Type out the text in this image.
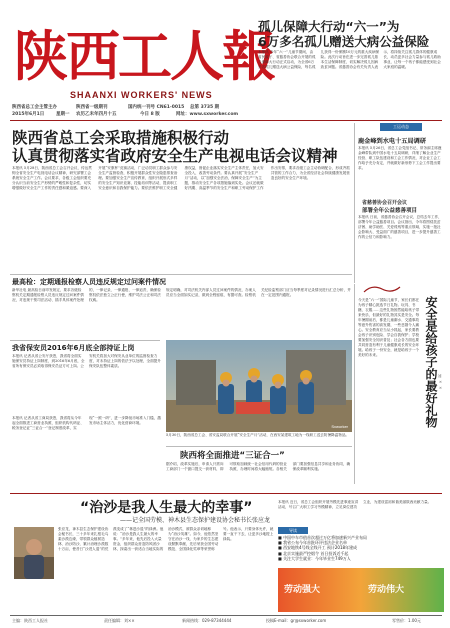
陕西工人報
SHAANXI WORKERS' NEWS
陕西省总工会主管主办	陕西省一级期刊	国内统一刊号 CN61-0015 总第 3735 期
2015年6月1日	星期一 农历乙未年四月十五	今日 8 版	网址：www.sxworker.com
孤儿保障大行动“六一”为
6万多名孤儿赠送大病公益保险
本报讯 今年“六一”儿童节期间，由省民政厅、省慈善协会联合开展的孤儿保障大行动正式启动，为全省6万多名孤儿赠送大病公益保险，每名孤儿获得一份保额10万元的重大疾病保险。此次行动旨在进一步完善孤儿基本生活保障制度，切实解决孤儿因病致贫问题。省慈善协会有关负责人表示，将持续关注孤儿群体的健康成长，动员更多社会力量参与孤儿救助事业，让每一个孩子都能感受到社会大家庭的温暖。
陕西省总工会采取措施积极行动
认真贯彻落实省政府安全生产电视电话会议精神
本报讯 5月28日，陕西省总工会召开会议，传达贯彻全省安全生产电视电话会议精神，研究部署工会系统安全生产工作。会议要求，各级工会组织要充分认识当前安全生产形势的严峻性和复杂性，切实增强做好安全生产工作的责任感和紧迫感。要深入开展“安康杯”竞赛活动，广泛动员职工群众参与安全生产监督检查，积极开展群众性安全隐患排查治理。要加强安全生产宣传教育，组织开展形式多样的安全生产知识竞赛、技能培训等活动，提高职工安全意识和自我保护能力。要依法维护职工安全健康权益，督促企业落实安全生产主体责任，加大安全投入，改善劳动条件。要认真开展“安全生产月”活动，以“加强安全法治，保障安全生产”为主题，推动安全生产各项措施落到实处。会议还就做好汛期、高温季节的安全生产和职工劳动保护工作作出安排，要求各级工会主动协调配合，形成齐抓共管的工作合力，为全省经济社会持续健康发展营造良好的安全生产环境。
工运动态
鹿金峰到水电十五局调研
本报讯 5月26日，省总工会党组书记、常务副主席鹿金峰带队到中国水电十五局调研，详细了解企业生产经营、职工队伍建设和工会工作情况，对企业工会工作给予充分肯定，并就做好新形势下工会工作提出要求。
省慈善协会召开会议
部署全年公益慈善项目
本报讯 日前，省慈善协会召开会议，总结去年工作，部署今年公益慈善项目。会议指出，今年将围绕扶贫济困、助学助医、关爱孤残等重点领域，实施一批社会影响大、受益面广的慈善项目，进一步提升慈善工作的公信力和影响力。
最高检：定期通报检察人员违反规定过问案件情况
新华社电 最高检日前印发规定，要求各级检察机关定期通报检察人员违反规定过问案件情况，对违规干预司法活动、插手具体案件处理的，一律记录、一律通报、一律追责，确保检察权依法独立公正行使，维护司法公正和司法权威。
规定明确，对司法机关内部人员过问案件的情况，办案人员应当全面如实记录，做到全程留痕、有据可查。检察机关纪检监察部门应当每季度对记录情况进行汇总分析，并在一定范围内通报。
我省保安员2016年6月底全部持证上岗
本报讯 记者从省公安厅获悉，我省将全面实施保安员持证上岗制度，到2016年6月底，全省所有保安员必须取得保安员证方可上岗。公安机关将加大对保安从业单位的监督检查力度，对未持证上岗的依法予以处理，全面提升保安队伍整体素质。
Sxworker
5月30日，陕西省总工会、省安监局联合开展“安全生产月”活动，在西安某建筑工地为一线职工送去防暑降温物品。
陕西将全面推进“三证合一”
本报讯 记者从省工商局获悉，我省将从今年起全面推进工商营业执照、组织机构代码证、税务登记证“三证合一”登记制度改革，实现“一照一码”，进一步降低市场准入门槛，激发市场主体活力，优化营商环境。
据介绍，改革实施后，申请人只需向工商部门一个窗口提交一套材料，即可领取加载统一社会信用代码的营业执照，办理时间将大幅缩短。各相关部门要加强信息共享和业务协同，确保改革顺利实施。
今天是“六一”国际儿童节，家长们都在为孩子精心挑选节日礼物。玩具、书籍、衣服……这些礼物固然能给孩子带来快乐，但最好的礼物其实是安全。每年暑期前后，都是儿童溺水、交通事故等意外伤害的高发期，一些悲剧令人痛心。安全教育应当从小抓起，家长要教会孩子识别危险、学会自我保护；学校要加强安全知识普及；社会各方面也要共同营造有利于儿童健康成长的安全环境。给孩子一份安全，就是给孩子一个美好的未来。	安全是给孩子的最好礼物 刘 × ×
“治沙是我人生最大的幸事”
——记全国劳模、神木县生态保护建设协会秘书长张应龙
张应龙，神木县生态保护建设协会秘书长，三十多年来扎根毛乌素沙漠边缘，带领群众植树造林、治沙防沙，累计治理沙漠数十万亩，使昔日“沙进人退”的荒漠变成了“林进沙退”的绿洲。他说：“治沙是我人生最大的幸事。”多年来，他先后投入大量资金，组织群众营造防风固沙林，探索出一套适合当地实际的治沙模式，被群众亲切地称为“治沙英雄”。如今，他依然坚守在治沙一线，为家乡的生态建设默默奉献，先后荣获全国劳动模范、全国绿化奖章等荣誉称号。他表示，只要身体允许，就要一直干下去，让更多沙地披上绿装。
导读
本报讯 近日，省总工会组织开展劳模先进事迹宣讲活动，号召广大职工学习劳模精神，立足岗位建功立业，为建设富裕和谐美丽陕西贡献力量。
■ 中国中车市值首次超过万亿将加速新兴产业布局
■ 我省公布今年首批环评违法企业名单
■ 西安地铁4号线全线开工 预计2018年建成
■ 北京实施最严控烟令 首日投诉近千起
■ 关注大学生就业：今年毕业生749万人
劳动强大	劳动伟大
主编：陕西工人报社	责任编辑：刘××	新闻热线：029-87344444	投稿E-mail：gr@sxworker.com	零售价：1.00元
